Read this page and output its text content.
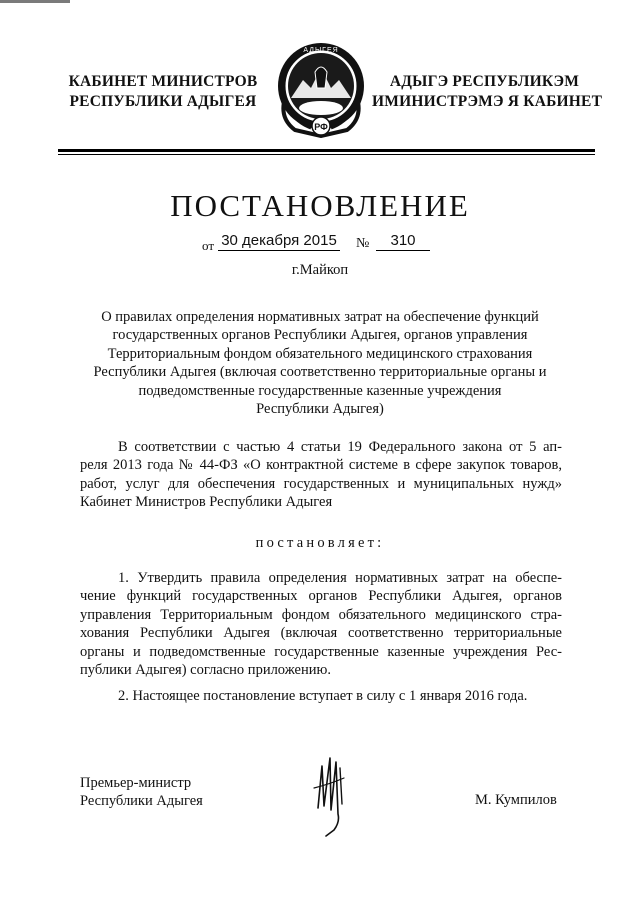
КАБИНЕТ МИНИСТРОВ
РЕСПУБЛИКИ АДЫГЕЯ
РФ
АДЫГЕЯ
АДЫГЭ РЕСПУБЛИКЭМ
ИМИНИСТРЭМЭ Я КАБИНЕТ
ПОСТАНОВЛЕНИЕ
от 30 декабря 2015 №	310
г.Майкоп
О правилах определения нормативных затрат на обеспечение функций
государственных органов Республики Адыгея, органов управления
Территориальным фондом обязательного медицинского страхования
Республики Адыгея (включая соответственно территориальные органы и
подведомственные государственные казенные учреждения
Республики Адыгея)
В соответствии с частью 4 статьи 19 Федерального закона от 5 ап-
реля 2013 года № 44-ФЗ «О контрактной системе в сфере закупок товаров,
работ, услуг для обеспечения государственных и муниципальных нужд»
Кабинет Министров Республики Адыгея
постановляет:
1. Утвердить правила определения нормативных затрат на обеспе-
чение функций государственных органов Республики Адыгея, органов
управления Территориальным фондом обязательного медицинского стра-
хования Республики Адыгея (включая соответственно территориальные
органы и подведомственные государственные казенные учреждения Рес-
публики Адыгея) согласно приложению.
2. Настоящее постановление вступает в силу с 1 января 2016 года.
Премьер-министр
Республики Адыгея	М. Кумпилов
